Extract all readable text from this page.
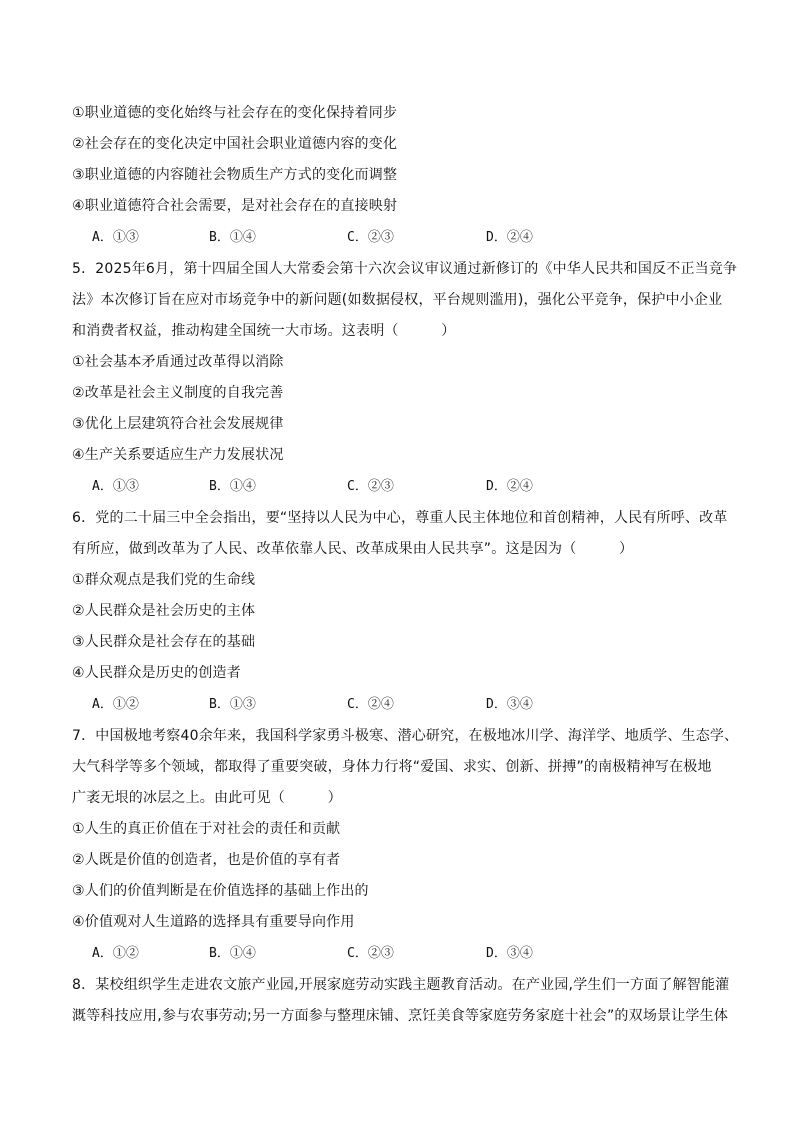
①职业道德的变化始终与社会存在的变化保持着同步
②社会存在的变化决定中国社会职业道德内容的变化
③职业道德的内容随社会物质生产方式的变化而调整
④职业道德符合社会需要，是对社会存在的直接映射
A．①③	B．①④	C．②③	D．②④
5．2025年6月，第十四届全国人大常委会第十六次会议审议通过新修订的《中华人民共和国反不正当竞争
法》本次修订旨在应对市场竞争中的新问题(如数据侵权，平台规则滥用)，强化公平竞争，保护中小企业
和消费者权益，推动构建全国统一大市场。这表明（　　　）
①社会基本矛盾通过改革得以消除
②改革是社会主义制度的自我完善
③优化上层建筑符合社会发展规律
④生产关系要适应生产力发展状况
A．①③	B．①④	C．②③	D．②④
6．党的二十届三中全会指出，要“坚持以人民为中心，尊重人民主体地位和首创精神，人民有所呼、改革
有所应，做到改革为了人民、改革依靠人民、改革成果由人民共享”。这是因为（　　　）
①群众观点是我们党的生命线
②人民群众是社会历史的主体
③人民群众是社会存在的基础
④人民群众是历史的创造者
A．①②	B．①③	C．②④	D．③④
7．中国极地考察40余年来，我国科学家勇斗极寒、潜心研究，在极地冰川学、海洋学、地质学、生态学、
大气科学等多个领域，都取得了重要突破，身体力行将“爱国、求实、创新、拼搏”的南极精神写在极地
广袤无垠的冰层之上。由此可见（　　　）
①人生的真正价值在于对社会的责任和贡献
②人既是价值的创造者，也是价值的享有者
③人们的价值判断是在价值选择的基础上作出的
④价值观对人生道路的选择具有重要导向作用
A．①②	B．①④	C．②③	D．③④
8．某校组织学生走进农文旅产业园,开展家庭劳动实践主题教育活动。在产业园,学生们一方面了解智能灌
溉等科技应用,参与农事劳动;另一方面参与整理床铺、烹饪美食等家庭劳务家庭十社会”的双场景让学生体
